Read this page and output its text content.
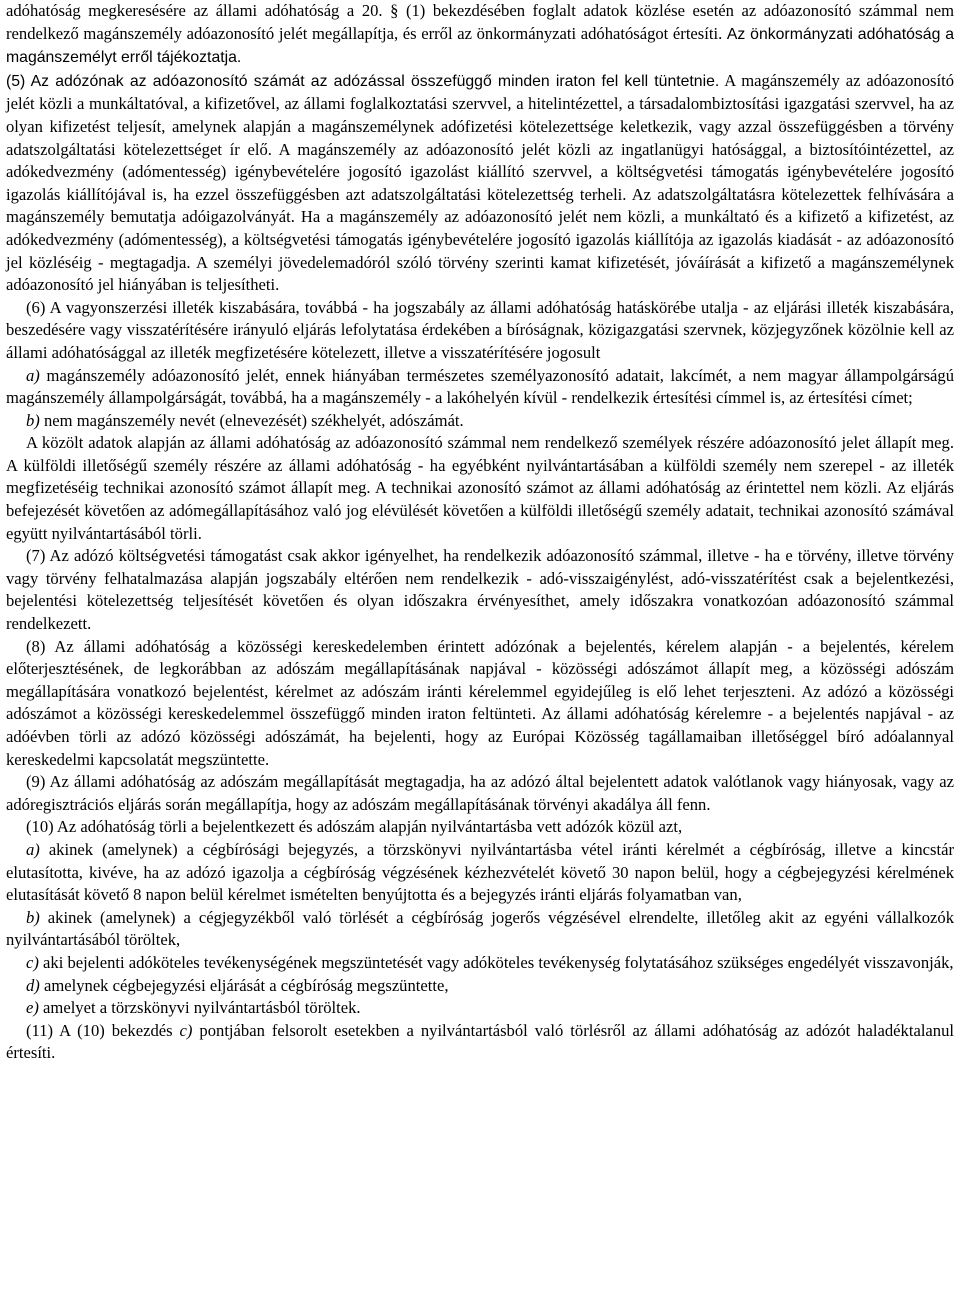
adóhatóság megkeresésére az állami adóhatóság a 20. § (1) bekezdésében foglalt adatok közlése esetén az adóazonosító számmal nem rendelkező magánszemély adóazonosító jelét megállapítja, és erről az önkormányzati adóhatóságot értesíti. Az önkormányzati adóhatóság a magánszemélyt erről tájékoztatja.

(5) Az adózónak az adóazonosító számát az adózással összefüggő minden iraton fel kell tüntetnie. A magánszemély az adóazonosító jelét közli a munkáltatóval, a kifizetővel, az állami foglalkoztatási szervvel, a hitelintézettel, a társadalombiztosítási igazgatási szervvel, ha az olyan kifizetést teljesít, amelynek alapján a magánszemélynek adófizetési kötelezettsége keletkezik, vagy azzal összefüggésben a törvény adatszolgáltatási kötelezettséget ír elő. A magánszemély az adóazonosító jelét közli az ingatlanügyi hatósággal, a biztosítóintézettel, az adókedvezmény (adómentesség) igénybevételére jogosító igazolást kiállító szervvel, a költségvetési támogatás igénybevételére jogosító igazolás kiállítójával is, ha ezzel összefüggésben azt adatszolgáltatási kötelezettség terheli. Az adatszolgáltatásra kötelezettek felhívására a magánszemély bemutatja adóigazolványát. Ha a magánszemély az adóazonosító jelét nem közli, a munkáltató és a kifizető a kifizetést, az adókedvezmény (adómentesség), a költségvetési támogatás igénybevételére jogosító igazolás kiállítója az igazolás kiadását - az adóazonosító jel közléséig - megtagadja. A személyi jövedelemadóról szóló törvény szerinti kamat kifizetését, jóváírását a kifizető a magánszemélynek adóazonosító jel hiányában is teljesítheti.

(6) A vagyonszerzési illeték kiszabására, továbbá - ha jogszabály az állami adóhatóság hatáskörébe utalja - az eljárási illeték kiszabására, beszedésére vagy visszatérítésére irányuló eljárás lefolytatása érdekében a bíróságnak, közigazgatási szervnek, közjegyzőnek közölnie kell az állami adóhatósággal az illeték megfizetésére kötelezett, illetve a visszatérítésére jogosult

a) magánszemély adóazonosító jelét, ennek hiányában természetes személyazonosító adatait, lakcímét, a nem magyar állampolgárságú magánszemély állampolgárságát, továbbá, ha a magánszemély - a lakóhelyén kívül - rendelkezik értesítési címmel is, az értesítési címet;

b) nem magánszemély nevét (elnevezését) székhelyét, adószámát.

A közölt adatok alapján az állami adóhatóság az adóazonosító számmal nem rendelkező személyek részére adóazonosító jelet állapít meg. A külföldi illetőségű személy részére az állami adóhatóság - ha egyébként nyilvántartásában a külföldi személy nem szerepel - az illeték megfizetéséig technikai azonosító számot állapít meg. A technikai azonosító számot az állami adóhatóság az érintettel nem közli. Az eljárás befejezését követően az adómegállapításához való jog elévülését követően a külföldi illetőségű személy adatait, technikai azonosító számával együtt nyilvántartásából törli.

(7) Az adózó költségvetési támogatást csak akkor igényelhet, ha rendelkezik adóazonosító számmal, illetve - ha e törvény, illetve törvény vagy törvény felhatalmazása alapján jogszabály eltérően nem rendelkezik - adó-visszaigénylést, adó-visszatérítést csak a bejelentkezési, bejelentési kötelezettség teljesítését követően és olyan időszakra érvényesíthet, amely időszakra vonatkozóan adóazonosító számmal rendelkezett.

(8) Az állami adóhatóság a közösségi kereskedelemben érintett adózónak a bejelentés, kérelem alapján - a bejelentés, kérelem előterjesztésének, de legkorábban az adószám megállapításának napjával - közösségi adószámot állapít meg, a közösségi adószám megállapítására vonatkozó bejelentést, kérelmet az adószám iránti kérelemmel egyidejűleg is elő lehet terjeszteni. Az adózó a közösségi adószámot a közösségi kereskedelemmel összefüggő minden iraton feltünteti. Az állami adóhatóság kérelemre - a bejelentés napjával - az adóévben törli az adózó közösségi adószámát, ha bejelenti, hogy az Európai Közösség tagállamaiban illetőséggel bíró adóalannyal kereskedelmi kapcsolatát megszüntette.

(9) Az állami adóhatóság az adószám megállapítását megtagadja, ha az adózó által bejelentett adatok valótlanok vagy hiányosak, vagy az adóregisztrációs eljárás során megállapítja, hogy az adószám megállapításának törvényi akadálya áll fenn.

(10) Az adóhatóság törli a bejelentkezett és adószám alapján nyilvántartásba vett adózók közül azt,

a) akinek (amelynek) a cégbírósági bejegyzés, a törzskönyvi nyilvántartásba vétel iránti kérelmét a cégbíróság, illetve a kincstár elutasította, kivéve, ha az adózó igazolja a cégbíróság végzésének kézhezvételét követő 30 napon belül, hogy a cégbejegyzési kérelmének elutasítását követő 8 napon belül kérelmet ismételten benyújtotta és a bejegyzés iránti eljárás folyamatban van,

b) akinek (amelynek) a cégjegyzékből való törlését a cégbíróság jogerős végzésével elrendelte, illetőleg akit az egyéni vállalkozók nyilvántartásából töröltek,

c) aki bejelenti adóköteles tevékenységének megszüntetését vagy adóköteles tevékenység folytatásához szükséges engedélyét visszavonják,

d) amelynek cégbejegyzési eljárását a cégbíróság megszüntette,

e) amelyet a törzskönyvi nyilvántartásból töröltek.

(11) A (10) bekezdés c) pontjában felsorolt esetekben a nyilvántartásból való törlésről az állami adóhatóság az adózót haladéktalanul értesíti.
